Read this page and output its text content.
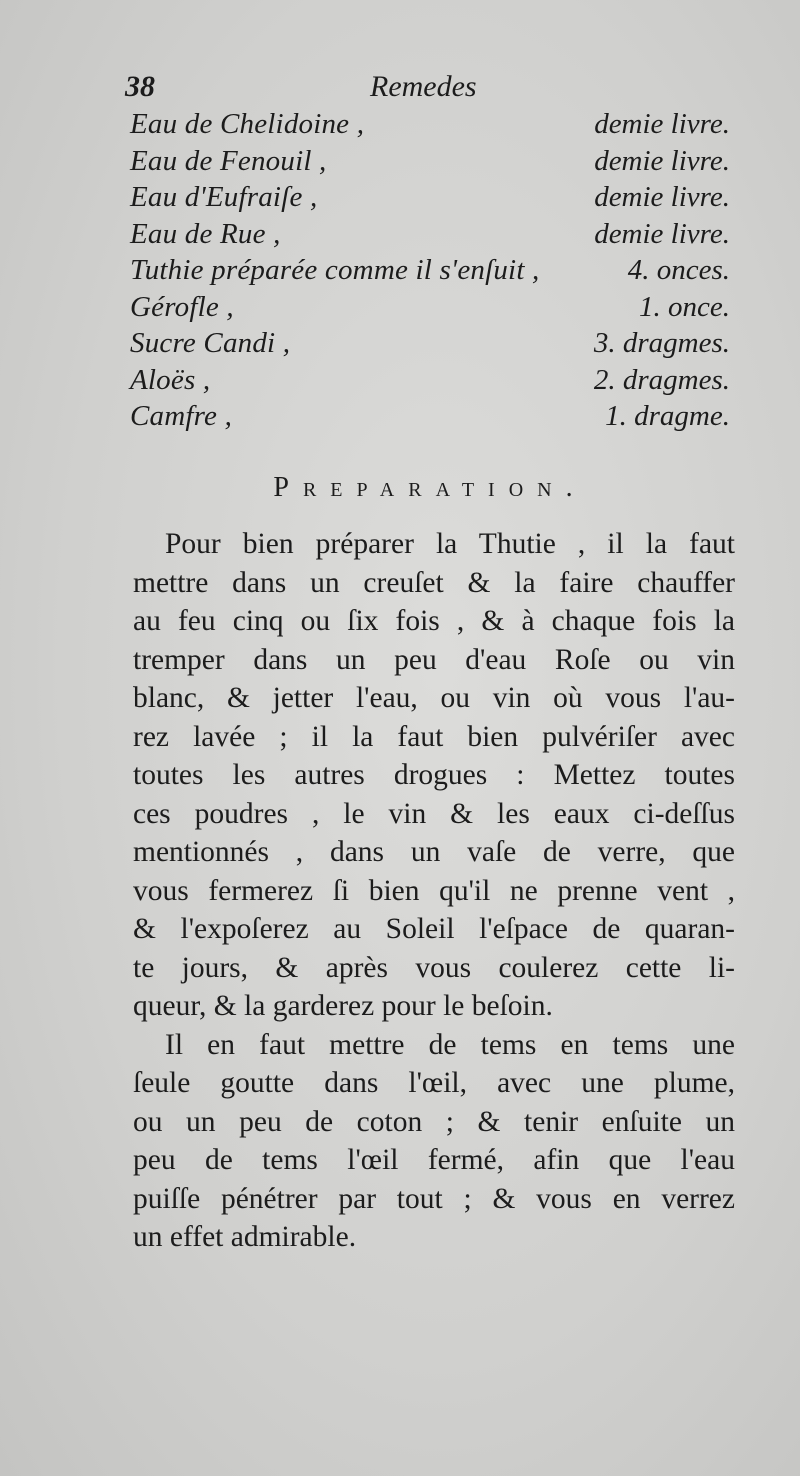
38	Remedes
Eau de Chelidoine ,	demie livre.
Eau de Fenouil ,	demie livre.
Eau d'Eufraiſe ,	demie livre.
Eau de Rue ,	demie livre.
Tuthie préparée comme il s'enſuit ,	4. onces.
Gérofle ,	1. once.
Sucre Candi ,	3. dragmes.
Aloës ,	2. dragmes.
Camfre ,	1. dragme.
Preparation.
Pour bien préparer la Thutie , il la faut
mettre dans un creuſet & la faire chauffer
au feu cinq ou ſix fois , & à chaque fois la
tremper dans un peu d'eau Roſe ou vin
blanc, & jetter l'eau, ou vin où vous l'au-
rez lavée ; il la faut bien pulvériſer avec
toutes les autres drogues : Mettez toutes
ces poudres , le vin & les eaux ci-deſſus
mentionnés , dans un vaſe de verre, que
vous fermerez ſi bien qu'il ne prenne vent ,
& l'expoſerez au Soleil l'eſpace de quaran-
te jours, & après vous coulerez cette li-
queur, & la garderez pour le beſoin.
Il en faut mettre de tems en tems une
ſeule goutte dans l'œil, avec une plume,
ou un peu de coton ; & tenir enſuite un
peu de tems l'œil fermé, afin que l'eau
puiſſe pénétrer par tout ; & vous en verrez
un effet admirable.
